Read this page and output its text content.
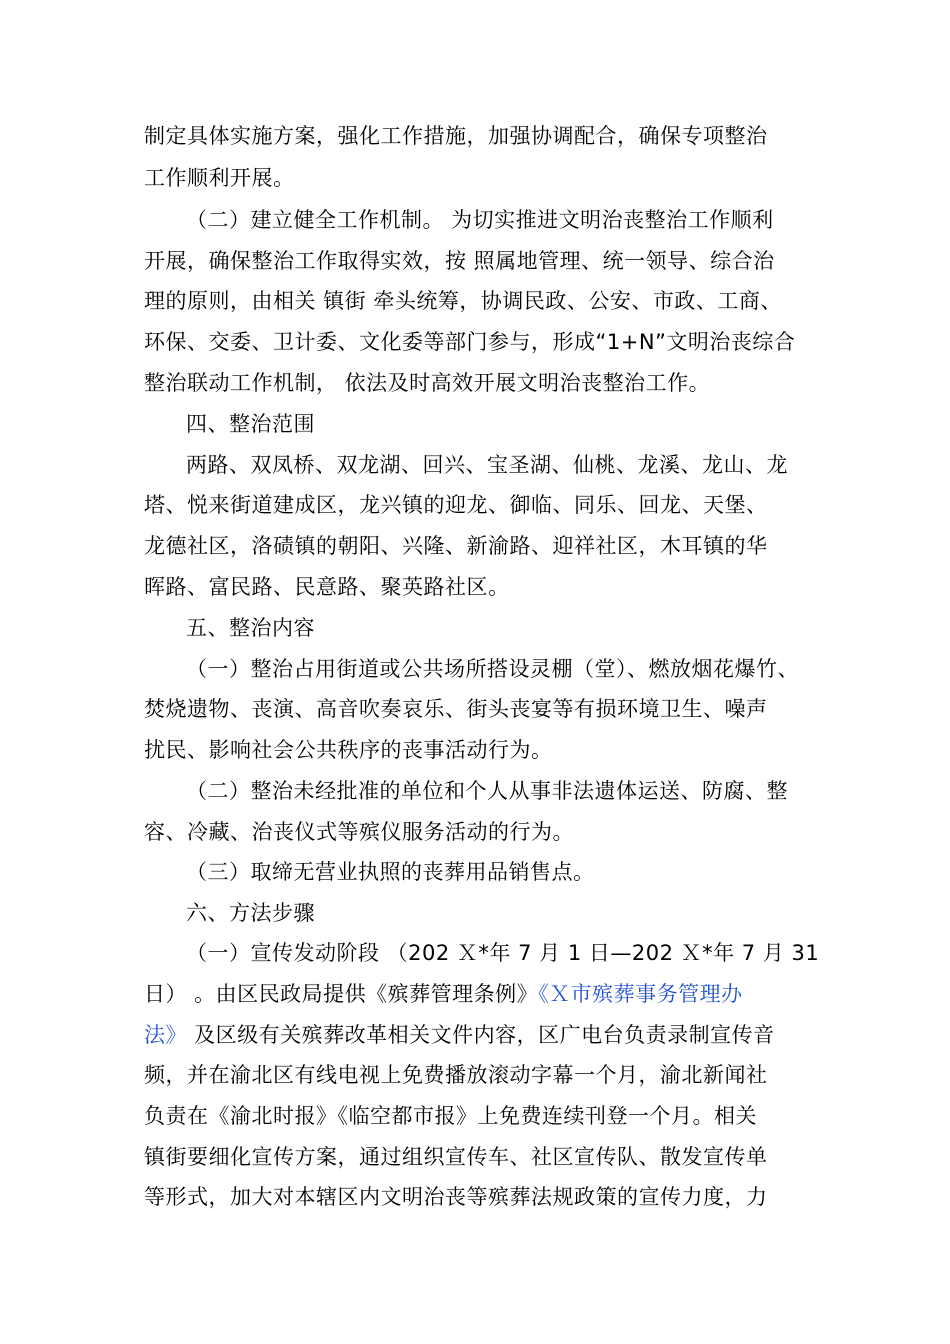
制定具体实施方案，强化工作措施，加强协调配合，确保专项整治
工作顺利开展。
（二）建立健全工作机制。 为切实推进文明治丧整治工作顺利
开展，确保整治工作取得实效，按 照属地管理、统一领导、综合治
理的原则，由相关 镇街 牵头统筹，协调民政、公安、市政、工商、
环保、交委、卫计委、文化委等部门参与，形成“1+N”文明治丧综合
整治联动工作机制， 依法及时高效开展文明治丧整治工作。
四、整治范围
两路、双凤桥、双龙湖、回兴、宝圣湖、仙桃、龙溪、龙山、龙
塔、悦来街道建成区，龙兴镇的迎龙、御临、同乐、回龙、天堡、
龙德社区，洛碛镇的朝阳、兴隆、新渝路、迎祥社区，木耳镇的华
晖路、富民路、民意路、聚英路社区。
五、整治内容
（一）整治占用街道或公共场所搭设灵棚（堂）、燃放烟花爆竹、
焚烧遗物、丧演、高音吹奏哀乐、街头丧宴等有损环境卫生、噪声
扰民、影响社会公共秩序的丧事活动行为。
（二）整治未经批准的单位和个人从事非法遗体运送、防腐、整
容、冷藏、治丧仪式等殡仪服务活动的行为。
（三）取缔无营业执照的丧葬用品销售点。
六、方法步骤
（一）宣传发动阶段 （202 Ｘ*年 7 月 1 日—202 Ｘ*年 7 月 31
日） 。由区民政局提供《殡葬管理条例》《Ｘ市殡葬事务管理办
法》 及区级有关殡葬改革相关文件内容，区广电台负责录制宣传音
频，并在渝北区有线电视上免费播放滚动字幕一个月，渝北新闻社
负责在《渝北时报》《临空都市报》上免费连续刊登一个月。相关
镇街要细化宣传方案，通过组织宣传车、社区宣传队、散发宣传单
等形式，加大对本辖区内文明治丧等殡葬法规政策的宣传力度，力
